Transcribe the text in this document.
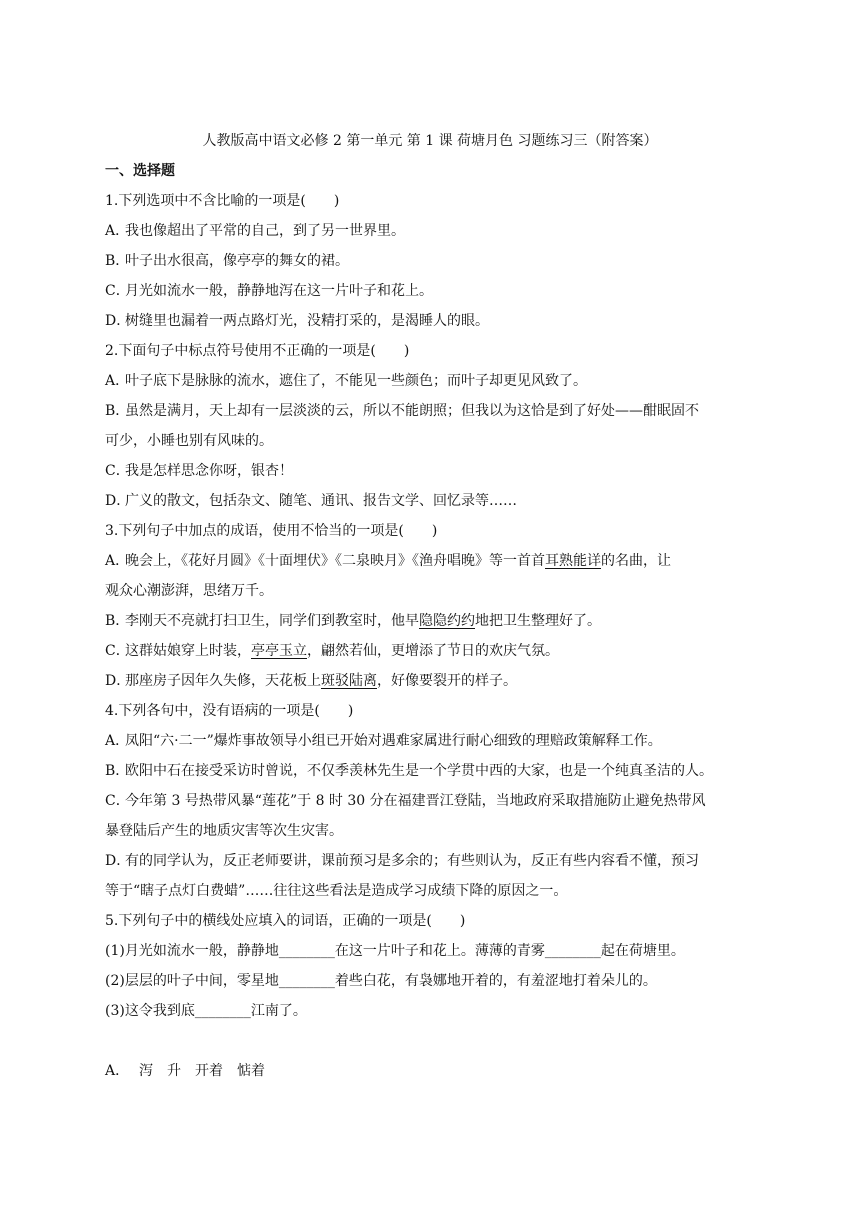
人教版高中语文必修 2 第一单元 第 1 课 荷塘月色 习题练习三（附答案）
一、选择题
1.下列选项中不含比喻的一项是(　　)
A．我也像超出了平常的自己，到了另一世界里。
B．叶子出水很高，像亭亭的舞女的裙。
C．月光如流水一般，静静地泻在这一片叶子和花上。
D．树缝里也漏着一两点路灯光，没精打采的，是渴睡人的眼。
2.下面句子中标点符号使用不正确的一项是(　　)
A．叶子底下是脉脉的流水，遮住了，不能见一些颜色；而叶子却更见风致了。
B．虽然是满月，天上却有一层淡淡的云，所以不能朗照；但我以为这恰是到了好处——酣眠固不
可少，小睡也别有风味的。
C．我是怎样思念你呀，银杏！
D．广义的散文，包括杂文、随笔、通讯、报告文学、回忆录等……
3.下列句子中加点的成语，使用不恰当的一项是(　　)
A．晚会上，《花好月圆》《十面埋伏》《二泉映月》《渔舟唱晚》等一首首耳熟能详的名曲，让
观众心潮澎湃，思绪万千。
B．李刚天不亮就打扫卫生，同学们到教室时，他早隐隐约约地把卫生整理好了。
C．这群姑娘穿上时装，亭亭玉立，翩然若仙，更增添了节日的欢庆气氛。
D．那座房子因年久失修，天花板上斑驳陆离，好像要裂开的样子。
4.下列各句中，没有语病的一项是(　　)
A．凤阳“六·二一”爆炸事故领导小组已开始对遇难家属进行耐心细致的理赔政策解释工作。
B．欧阳中石在接受采访时曾说，不仅季羡林先生是一个学贯中西的大家，也是一个纯真圣洁的人。
C．今年第 3 号热带风暴“莲花”于 8 时 30 分在福建晋江登陆，当地政府采取措施防止避免热带风
暴登陆后产生的地质灾害等次生灾害。
D．有的同学认为，反正老师要讲，课前预习是多余的；有些则认为，反正有些内容看不懂，预习
等于“瞎子点灯白费蜡”……往往这些看法是造成学习成绩下降的原因之一。
5.下列句子中的横线处应填入的词语，正确的一项是(　　)
(1)月光如流水一般，静静地________在这一片叶子和花上。薄薄的青雾________起在荷塘里。
(2)层层的叶子中间，零星地________着些白花，有袅娜地开着的，有羞涩地打着朵儿的。
(3)这令我到底________江南了。
A． 泻 升 开着 惦着
